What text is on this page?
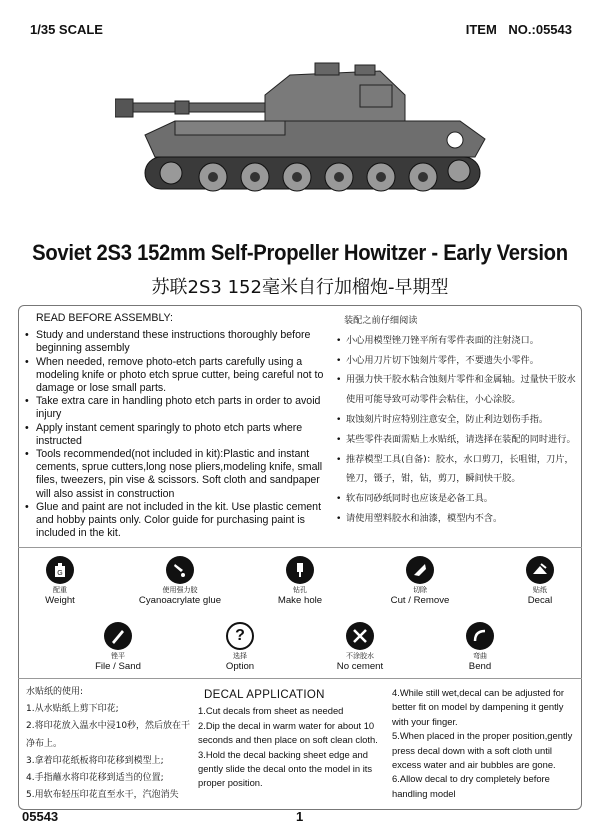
1/35 SCALE	ITEM NO.:05543
Soviet 2S3 152mm Self-Propeller Howitzer - Early Version
苏联2S3 152毫米自行加榴炮-早期型
READ BEFORE ASSEMBLY:
• Study and understand these instructions thoroughly before beginning assembly
• When needed, remove photo-etch parts carefully using a modeling knife or photo etch sprue cutter, being careful not to damage or lose small parts.
• Take extra care in handling photo etch parts in order to avoid injury
• Apply instant cement sparingly to photo etch parts where instructed
• Tools recommended(not included in kit):Plastic and instant cements, sprue cutters,long nose pliers,modeling knife, small files, tweezers, pin vise & scissors. Soft cloth and sandpaper will also assist in construction
• Glue and paint are not included in the kit. Use plastic cement and hobby paints only. Color guide for purchasing paint is included in the kit.
装配之前仔细阅读
• 小心用模型锉刀锉平所有零件表面的注射浇口。
• 小心用刀片切下蚀刻片零件，不要遗失小零件。
• 用强力快干胶水粘合蚀刻片零件和金属轴。过量快干胶水使用可能导致可动零件会粘住，小心涂胶。
• 取蚀刻片时应特别注意安全，防止利边划伤手指。
• 某些零件表面需贴上水贴纸，请选择在装配的同时进行。
• 推荐模型工具(自备)：胶水，水口剪刀，长咀钳，刀片，锉刀，镊子，钳，钻，剪刀，瞬间快干胶。
• 软布同砂纸同时也应该是必备工具。
• 请使用塑料胶水和油漆，模型内不含。
G
配重
Weight
使用强力胶
Cyanoacrylate glue
钻孔
Make hole
切除
Cut / Remove
贴纸
Decal
锉平
File / Sand
?
选择
Option
不涂胶水
No cement
弯曲
Bend
水贴纸的使用:
1.从水贴纸上剪下印花;
2.将印花放入温水中浸10秒，然后放在干净布上。
3.拿着印花纸板将印花移到模型上;
4.手指蘸水将印花移到适当的位置;
5.用软布轻压印花直至水干，汽泡消失
DECAL APPLICATION
1.Cut decals from sheet as needed
2.Dip the decal in warm water for about 10 seconds and then place on soft clean cloth.
3.Hold the decal backing sheet edge and gently slide the decal onto the model in its proper position.
4.While still wet,decal can be adjusted for better fit on model by dampening it gently with your finger.
5.When placed in the proper position,gently press decal down with a soft cloth until excess water and air bubbles are gone.
6.Allow decal to dry completely before handling model
05543	1
